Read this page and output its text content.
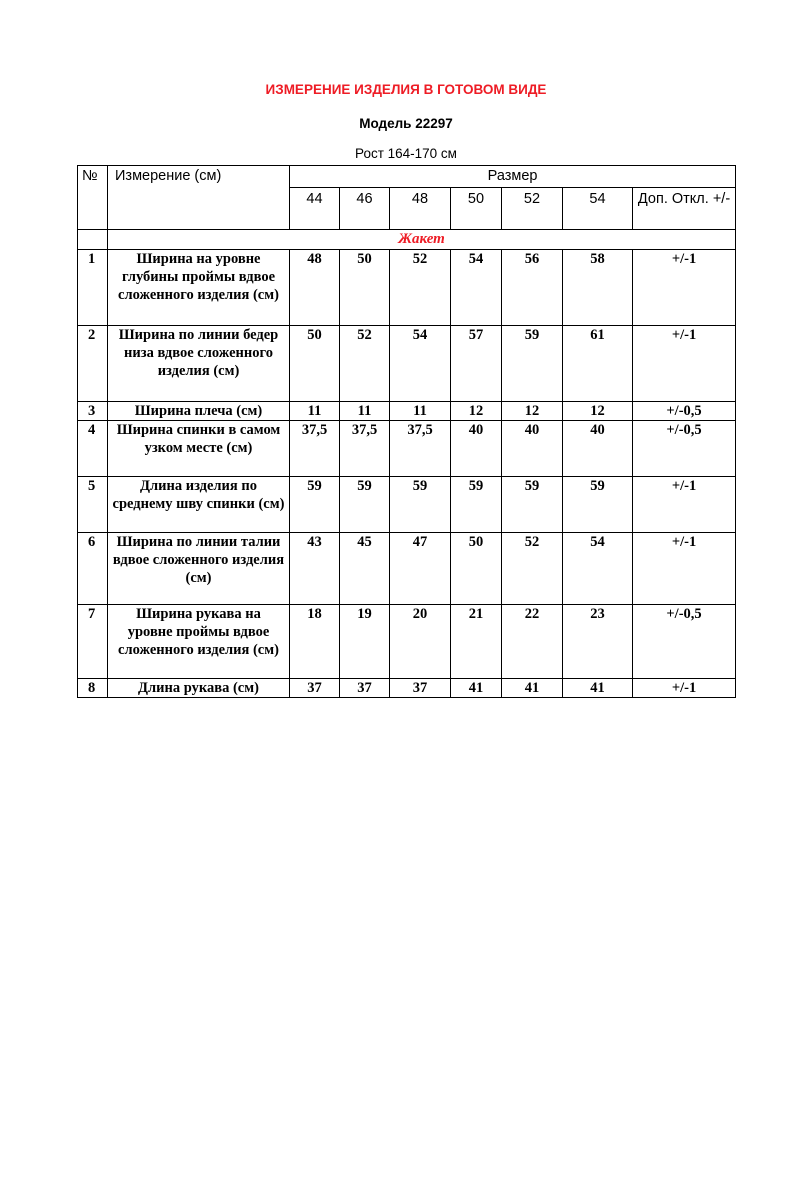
ИЗМЕРЕНИЕ ИЗДЕЛИЯ В ГОТОВОМ ВИДЕ
Модель 22297
Рост 164-170 см
№	Измерение (см)	Размер						
		44	46	48	50	52	54	Доп. Откл. +/-
	Жакет							
1	Ширина на уровне глубины проймы вдвое сложенного изделия (см)	48	50	52	54	56	58	+/-1
2	Ширина по линии бедер низа вдвое сложенного изделия (см)	50	52	54	57	59	61	+/-1
3	Ширина плеча (см)	11	11	11	12	12	12	+/-0,5
4	Ширина спинки в самом узком месте (см)	37,5	37,5	37,5	40	40	40	+/-0,5
5	Длина изделия по среднему шву спинки (см)	59	59	59	59	59	59	+/-1
6	Ширина по линии талии вдвое сложенного изделия (см)	43	45	47	50	52	54	+/-1
7	Ширина рукава на уровне проймы вдвое сложенного изделия (см)	18	19	20	21	22	23	+/-0,5
8	Длина рукава (см)	37	37	37	41	41	41	+/-1
